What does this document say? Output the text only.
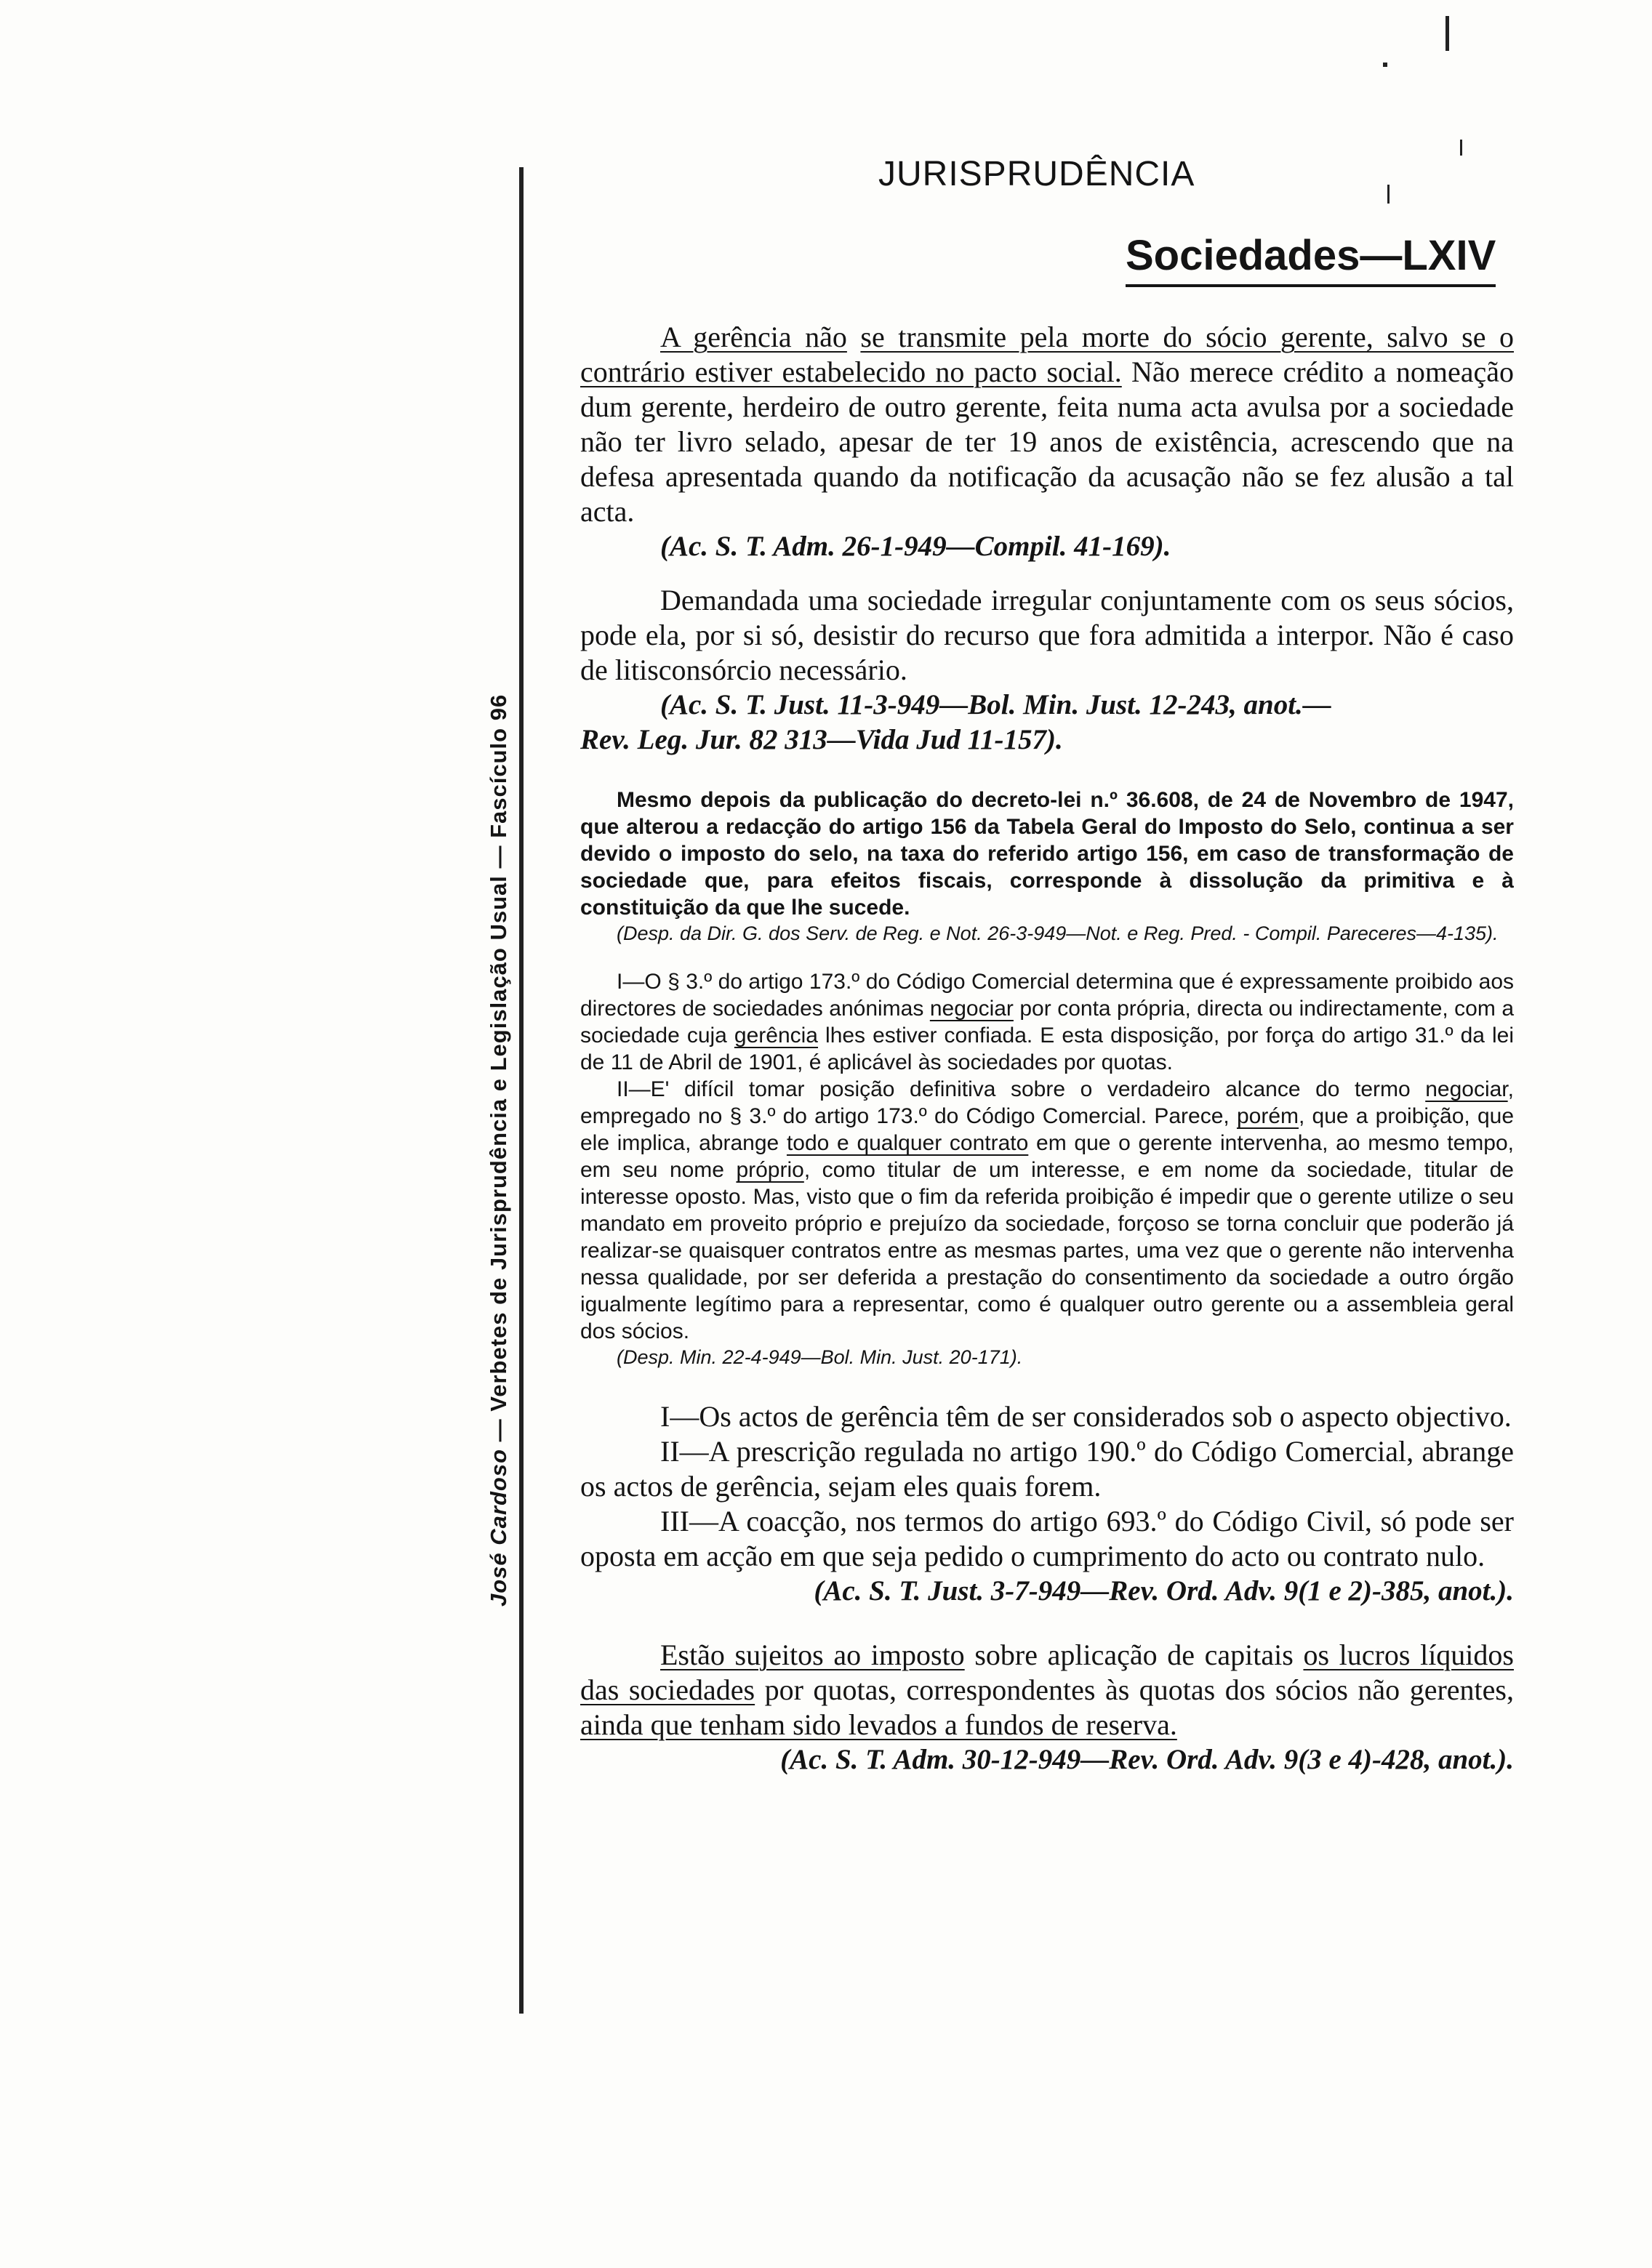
José Cardoso — Verbetes de Jurisprudência e Legislação Usual — Fascículo 96
JURISPRUDÊNCIA
Sociedades—LXIV

A gerência não se transmite pela morte do sócio gerente, salvo se o contrário estiver estabelecido no pacto social. Não merece crédito a nomeação dum gerente, herdeiro de outro gerente, feita numa acta avulsa por a sociedade não ter livro selado, apesar de ter 19 anos de existência, acrescendo que na defesa apresentada quando da notificação da acusação não se fez alusão a tal acta.

(Ac. S. T. Adm. 26-1-949—Compil. 41-169).

Demandada uma sociedade irregular conjuntamente com os seus sócios, pode ela, por si só, desistir do recurso que fora admitida a interpor. Não é caso de litisconsórcio necessário.

(Ac. S. T. Just. 11-3-949—Bol. Min. Just. 12-243, anot.—
Rev. Leg. Jur. 82 313—Vida Jud 11-157).

Mesmo depois da publicação do decreto-lei n.º 36.608, de 24 de Novembro de 1947, que alterou a redacção do artigo 156 da Tabela Geral do Imposto do Selo, continua a ser devido o imposto do selo, na taxa do referido artigo 156, em caso de transformação de sociedade que, para efeitos fiscais, corresponde à dissolução da primitiva e à constituição da que lhe sucede.

(Desp. da Dir. G. dos Serv. de Reg. e Not. 26-3-949—Not. e Reg. Pred. - Compil. Pareceres—4-135).

I—O § 3.º do artigo 173.º do Código Comercial determina que é expressamente proibido aos directores de sociedades anónimas negociar por conta própria, directa ou indirectamente, com a sociedade cuja gerência lhes estiver confiada. E esta disposição, por força do artigo 31.º da lei de 11 de Abril de 1901, é aplicável às sociedades por quotas.

II—E' difícil tomar posição definitiva sobre o verdadeiro alcance do termo negociar, empregado no § 3.º do artigo 173.º do Código Comercial. Parece, porém, que a proibição, que ele implica, abrange todo e qualquer contrato em que o gerente intervenha, ao mesmo tempo, em seu nome próprio, como titular de um interesse, e em nome da sociedade, titular de interesse oposto. Mas, visto que o fim da referida proibição é impedir que o gerente utilize o seu mandato em proveito próprio e prejuízo da sociedade, forçoso se torna concluir que poderão já realizar-se quaisquer contratos entre as mesmas partes, uma vez que o gerente não intervenha nessa qualidade, por ser deferida a prestação do consentimento da sociedade a outro órgão igualmente legítimo para a representar, como é qualquer outro gerente ou a assembleia geral dos sócios.

(Desp. Min. 22-4-949—Bol. Min. Just. 20-171).

I—Os actos de gerência têm de ser considerados sob o aspecto objectivo.

II—A prescrição regulada no artigo 190.º do Código Comercial, abrange os actos de gerência, sejam eles quais forem.

III—A coacção, nos termos do artigo 693.º do Código Civil, só pode ser oposta em acção em que seja pedido o cumprimento do acto ou contrato nulo.

(Ac. S. T. Just. 3-7-949—Rev. Ord. Adv. 9(1 e 2)-385, anot.).

Estão sujeitos ao imposto sobre aplicação de capitais os lucros líquidos das sociedades por quotas, correspondentes às quotas dos sócios não gerentes, ainda que tenham sido levados a fundos de reserva.

(Ac. S. T. Adm. 30-12-949—Rev. Ord. Adv. 9(3 e 4)-428, anot.).
